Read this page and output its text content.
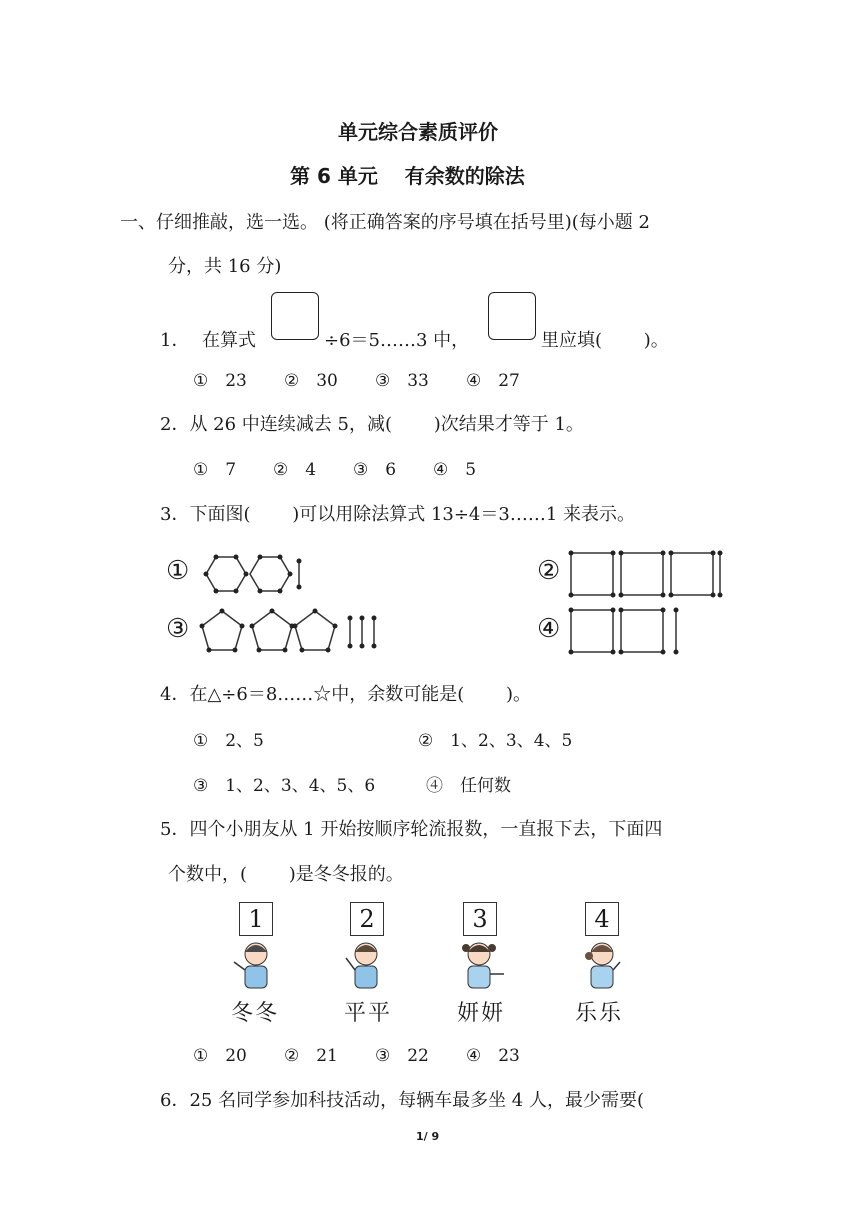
单元综合素质评价
第 6 单元　 有余数的除法
一、仔细推敲，选一选。 (将正确答案的序号填在括号里)(每小题 2
分，共 16 分)
1． 在算式	÷6＝5……3 中，	里应填(　　 )。
①　23 ②　30 ③　33 ④　27
2．从 26 中连续减去 5，减(　　 )次结果才等于 1。
①　7 ②　4 ③　6 ④　5
3．下面图(　　 )可以用除法算式 13÷4＝3……1 来表示。
①	②
③	④
4．在△÷6＝8……☆中，余数可能是(　　 )。
①　2、5	②　1、2、3、4、5
③　1、2、3、4、5、6	④　任何数
5．四个小朋友从 1 开始按顺序轮流报数，一直报下去，下面四
个数中，(　　 )是冬冬报的。
1	2	3	4
冬冬	平平	妍妍	乐乐
①　20 ②　21 ③　22 ④　23
6．25 名同学参加科技活动，每辆车最多坐 4 人，最少需要(
1/ 9
